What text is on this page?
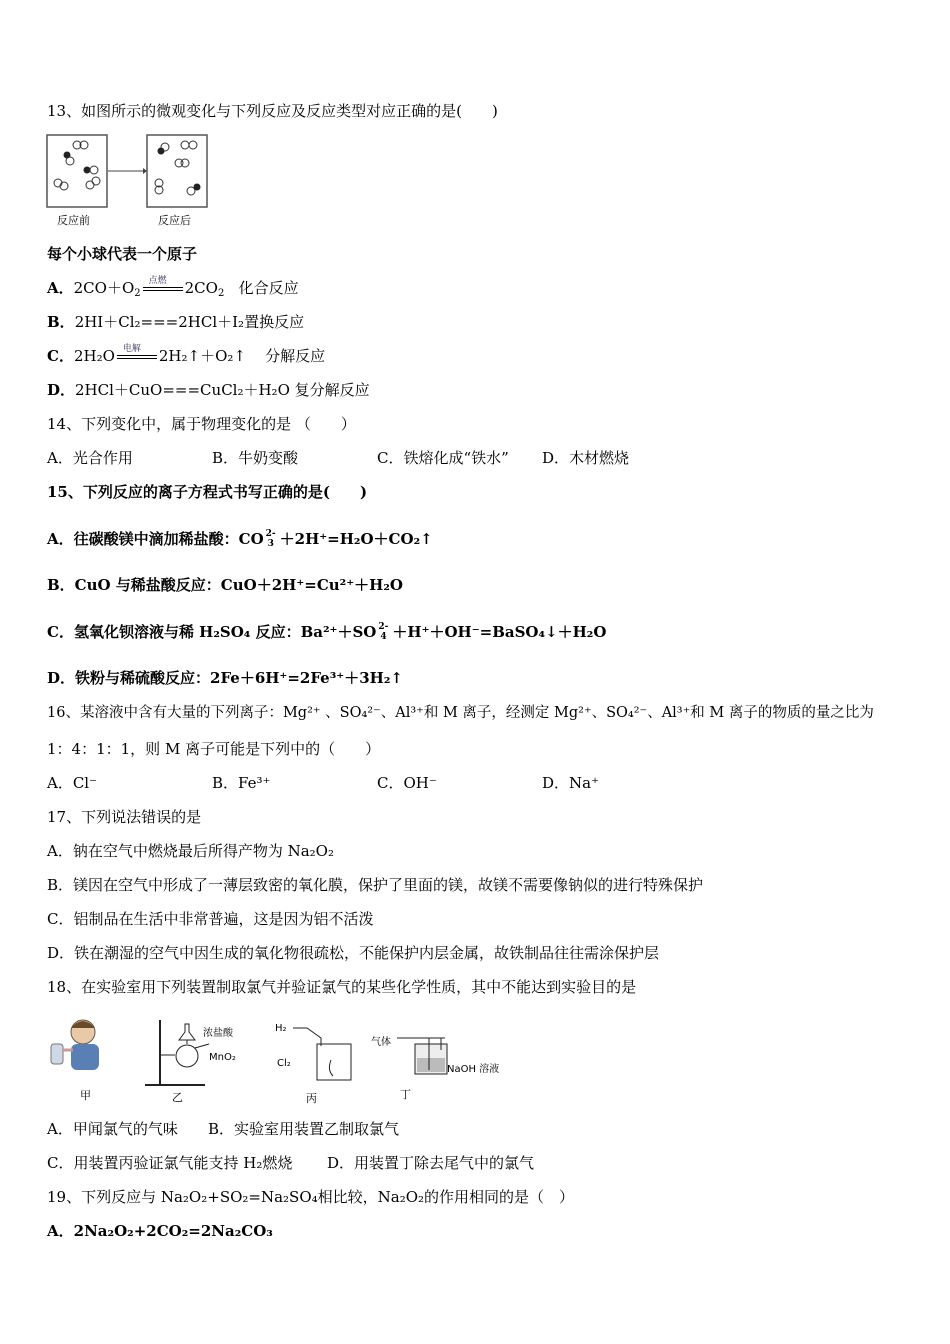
13、如图所示的微观变化与下列反应及反应类型对应正确的是(　　)
反应前	反应后
每个小球代表一个原子
A．$2CO+O_2$
点燃 $2CO_2$ 化合反应
B．2HI＋Cl₂===2HCl＋I₂置换反应
C．2H₂O 电解 2H₂↑＋O₂↑ 分解反应
D．2HCl＋CuO===CuCl₂＋H₂O 复分解反应
14、下列变化中，属于物理变化的是 （　　）
A．光合作用	B．牛奶变酸	C．铁熔化成“铁水” D．木材燃烧
15、下列反应的离子方程式书写正确的是(　　)
A．往碳酸镁中滴加稀盐酸：CO 2-
3 ＋2H⁺=H₂O＋CO₂↑
B．CuO 与稀盐酸反应：CuO＋2H⁺=Cu²⁺＋H₂O
C．氢氧化钡溶液与稀 H₂SO₄ 反应：Ba²⁺＋SO 2-
4 ＋H⁺＋OH⁻=BaSO₄↓＋H₂O
D．铁粉与稀硫酸反应：2Fe＋6H⁺=2Fe³⁺＋3H₂↑
16、某溶液中含有大量的下列离子：Mg²⁺ 、SO₄²⁻、Al³⁺和 M 离子，经测定 Mg²⁺、SO₄²⁻、Al³⁺和 M 离子的物质的量之比为
1：4：1：1，则 M 离子可能是下列中的（　　）
A．Cl⁻	B．Fe³⁺	C．OH⁻	D．Na⁺
17、下列说法错误的是
A．钠在空气中燃烧最后所得产物为 Na₂O₂
B．镁因在空气中形成了一薄层致密的氧化膜，保护了里面的镁，故镁不需要像钠似的进行特殊保护
C．铝制品在生活中非常普遍，这是因为铝不活泼
D．铁在潮湿的空气中因生成的氧化物很疏松，不能保护内层金属，故铁制品往往需涂保护层
18、在实验室用下列装置制取氯气并验证氯气的某些化学性质，其中不能达到实验目的是
浓盐酸
MnO₂
H₂
Cl₂
气体
NaOH 溶液
甲	乙	丙	丁
A．甲闻氯气的气味 B．实验室用装置乙制取氯气
C．用装置丙验证氯气能支持 H₂燃烧 D．用装置丁除去尾气中的氯气
19、下列反应与 Na₂O₂+SO₂=Na₂SO₄相比较，Na₂O₂的作用相同的是（　）
A．2Na₂O₂+2CO₂=2Na₂CO₃
